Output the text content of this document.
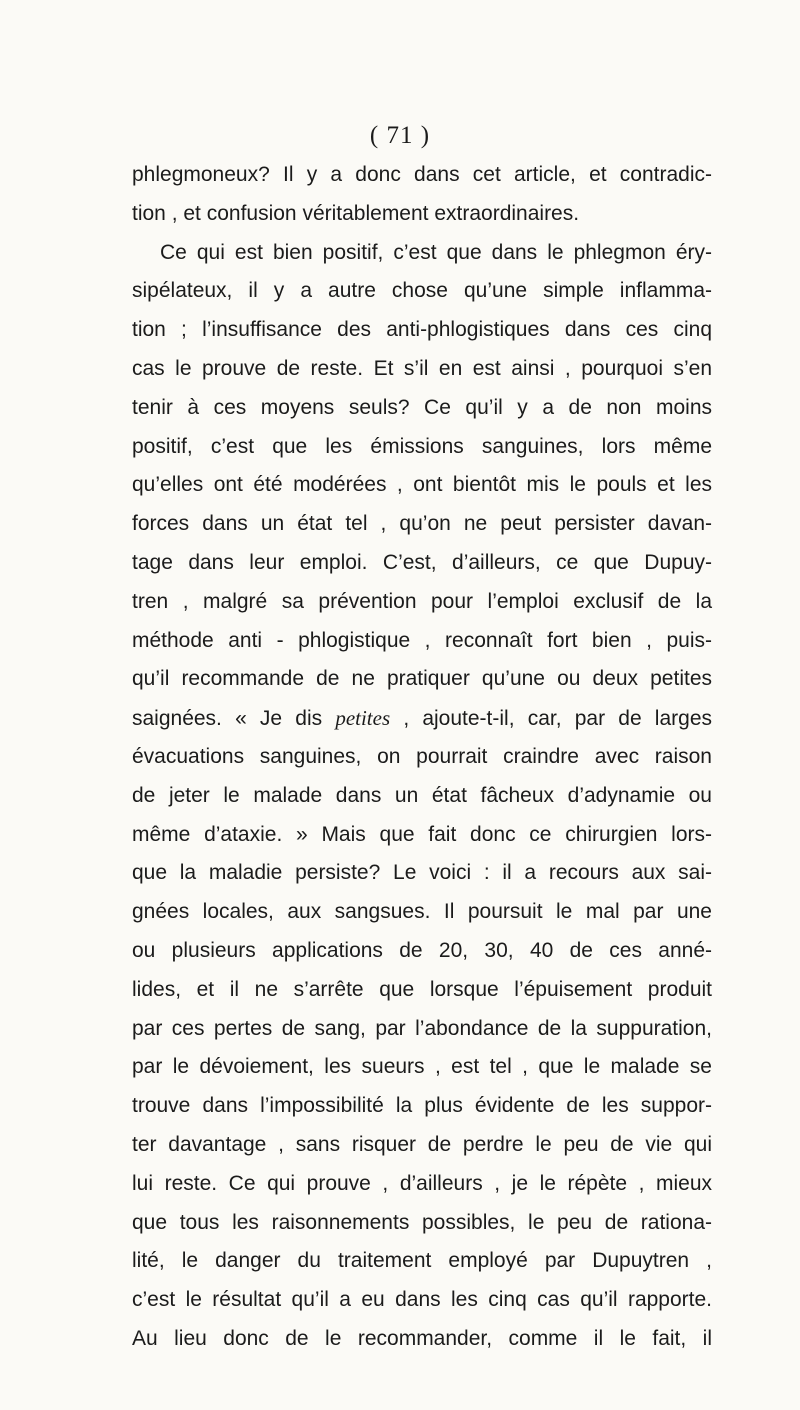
( 71 )
phlegmoneux? Il y a donc dans cet article, et contradic-
tion , et confusion véritablement extraordinaires.
Ce qui est bien positif, c’est que dans le phlegmon éry-
sipélateux, il y a autre chose qu’une simple inflamma-
tion ; l’insuffisance des anti-phlogistiques dans ces cinq
cas le prouve de reste. Et s’il en est ainsi , pourquoi s’en
tenir à ces moyens seuls? Ce qu’il y a de non moins
positif, c’est que les émissions sanguines, lors même
qu’elles ont été modérées , ont bientôt mis le pouls et les
forces dans un état tel , qu’on ne peut persister davan-
tage dans leur emploi. C’est, d’ailleurs, ce que Dupuy-
tren , malgré sa prévention pour l’emploi exclusif de la
méthode anti - phlogistique , reconnaît fort bien , puis-
qu’il recommande de ne pratiquer qu’une ou deux petites
saignées. « Je dis petites , ajoute-t-il, car, par de larges
évacuations sanguines, on pourrait craindre avec raison
de jeter le malade dans un état fâcheux d’adynamie ou
même d’ataxie. » Mais que fait donc ce chirurgien lors-
que la maladie persiste? Le voici : il a recours aux sai-
gnées locales, aux sangsues. Il poursuit le mal par une
ou plusieurs applications de 20, 30, 40 de ces anné-
lides, et il ne s’arrête que lorsque l’épuisement produit
par ces pertes de sang, par l’abondance de la suppuration,
par le dévoiement, les sueurs , est tel , que le malade se
trouve dans l’impossibilité la plus évidente de les suppor-
ter davantage , sans risquer de perdre le peu de vie qui
lui reste. Ce qui prouve , d’ailleurs , je le répète , mieux
que tous les raisonnements possibles, le peu de rationa-
lité, le danger du traitement employé par Dupuytren ,
c’est le résultat qu’il a eu dans les cinq cas qu’il rapporte.
Au lieu donc de le recommander, comme il le fait, il
